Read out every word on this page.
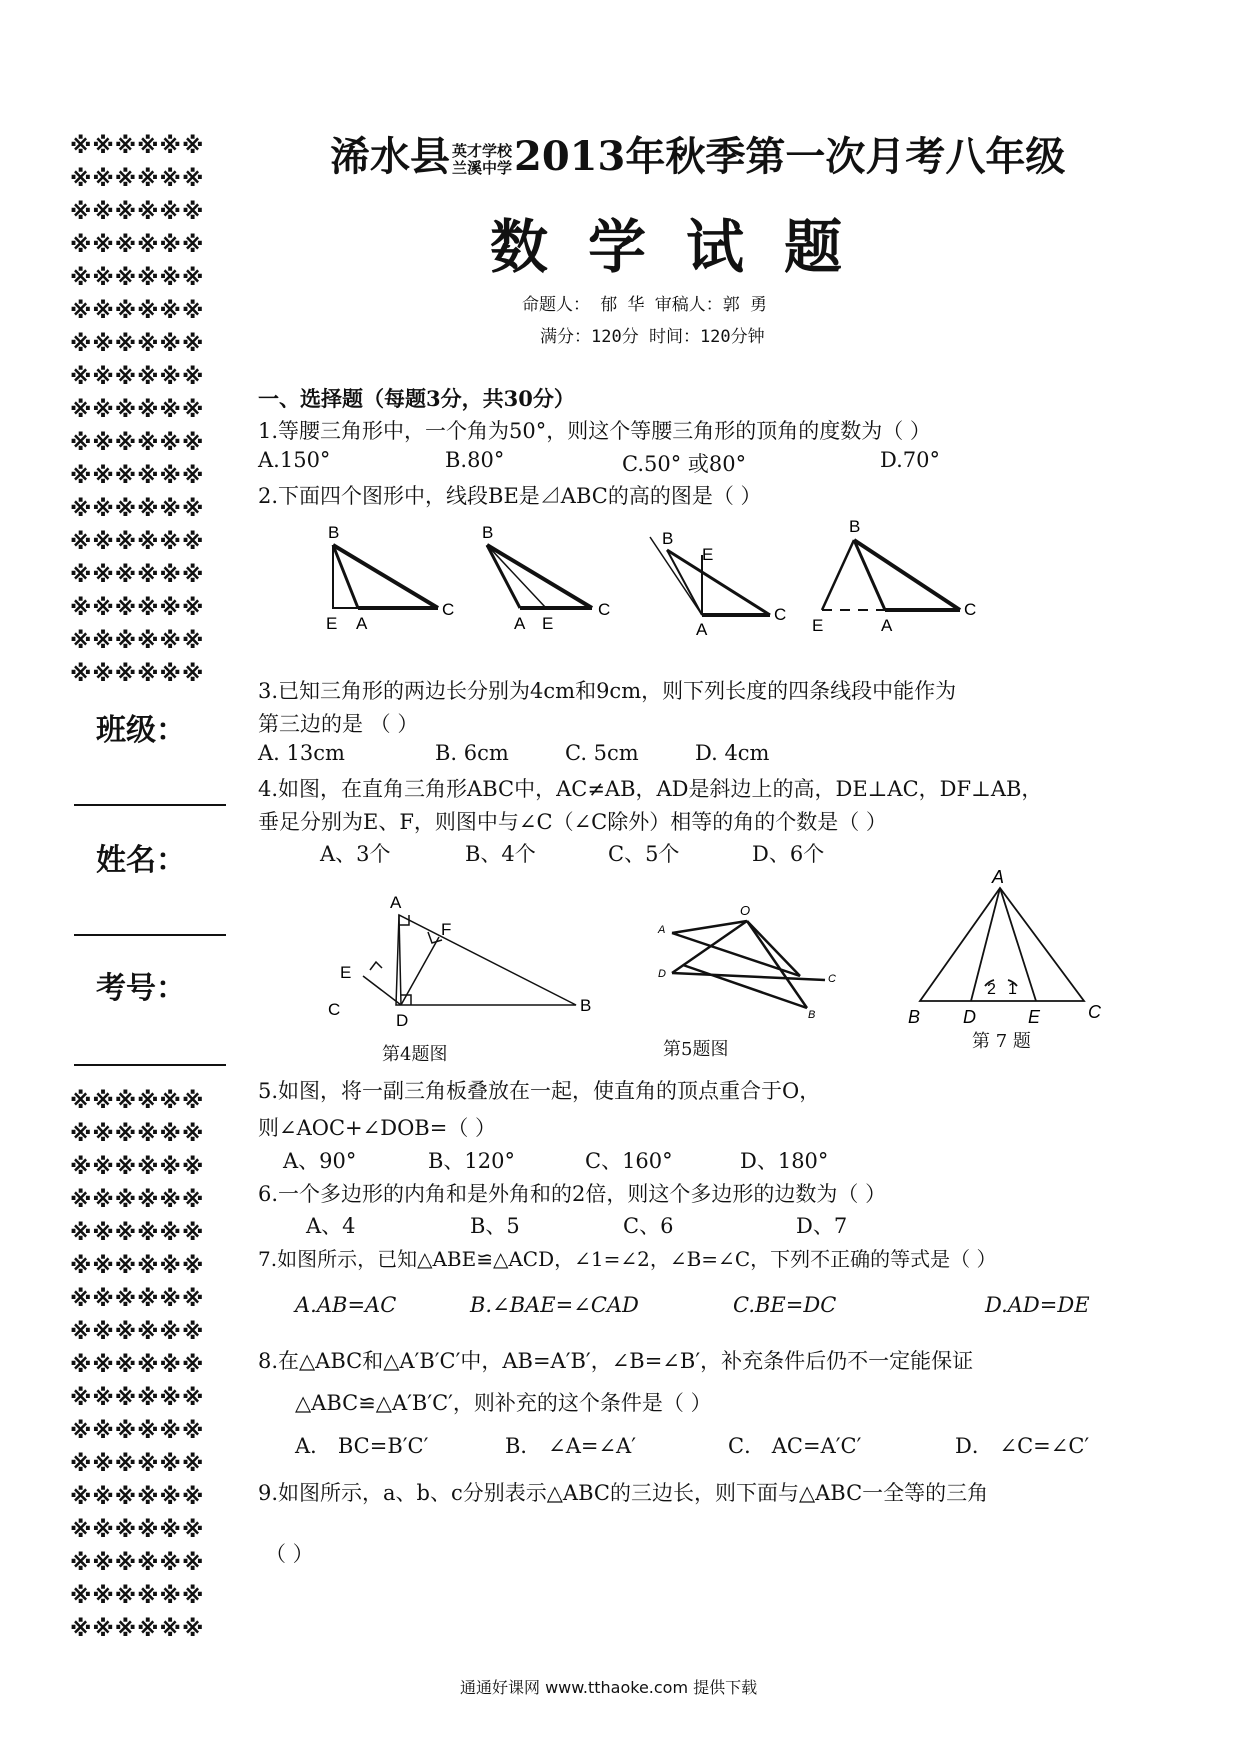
※※※※※※
※※※※※※
※※※※※※
※※※※※※
※※※※※※
※※※※※※
※※※※※※
※※※※※※
※※※※※※
※※※※※※
※※※※※※
※※※※※※
※※※※※※
※※※※※※
※※※※※※
※※※※※※
※※※※※※
班级：
姓名：
考号：
※※※※※※
※※※※※※
※※※※※※
※※※※※※
※※※※※※
※※※※※※
※※※※※※
※※※※※※
※※※※※※
※※※※※※
※※※※※※
※※※※※※
※※※※※※
※※※※※※
※※※※※※
※※※※※※
※※※※※※
浠水县 英才学校
兰溪中学2013年秋季第一次月考八年级
数学试题
命题人： 郁 华 审稿人：郭 勇
满分：120分 时间：120分钟
一、选择题（每题3分，共30分）
1.等腰三角形中，一个角为50°，则这个等腰三角形的顶角的度数为（ ）
A.150°	B.80°	C.50° 或80°	D.70°
2.下面四个图形中，线段BE是⊿ABC的高的图是（ ）
B
E A
C
B
A E
C
B
E
A
C
B
E	A
C
3.已知三角形的两边长分别为4cm和9cm，则下列长度的四条线段中能作为
第三边的是 （ ）
A. 13cm	B. 6cm	C. 5cm	D. 4cm
4.如图，在直角三角形ABC中，AC≠AB，AD是斜边上的高，DE⊥AC，DF⊥AB，
垂足分别为E、F，则图中与∠C（∠C除外）相等的角的个数是（ ）
A、3个	B、4个	C、5个	D、6个
A
F
E
C
D
B
O
A
D	C
B
A
B D	E	C
2 1
第4题图	第5题图	第 7 题
5.如图，将一副三角板叠放在一起，使直角的顶点重合于O，
则∠AOC+∠DOB=（ ）
A、90°	B、120°	C、160°	D、180°
6.一个多边形的内角和是外角和的2倍，则这个多边形的边数为（ ）
A、4	B、5	C、6	D、7
7.如图所示，已知△ABE≌△ACD，∠1=∠2，∠B=∠C，下列不正确的等式是（ ）
A.AB=AC	B.∠BAE=∠CAD	C.BE=DC	D.AD=DE
8.在△ABC和△A′B′C′中，AB=A′B′，∠B=∠B′，补充条件后仍不一定能保证
△ABC≌△A′B′C′，则补充的这个条件是（ ）
A． BC=B′C′	B． ∠A=∠A′	C． AC=A′C′	D． ∠C=∠C′
9.如图所示，a、b、c分别表示△ABC的三边长，则下面与△ABC一全等的三角
（ ）
通通好课网 www.tthaoke.com 提供下载
